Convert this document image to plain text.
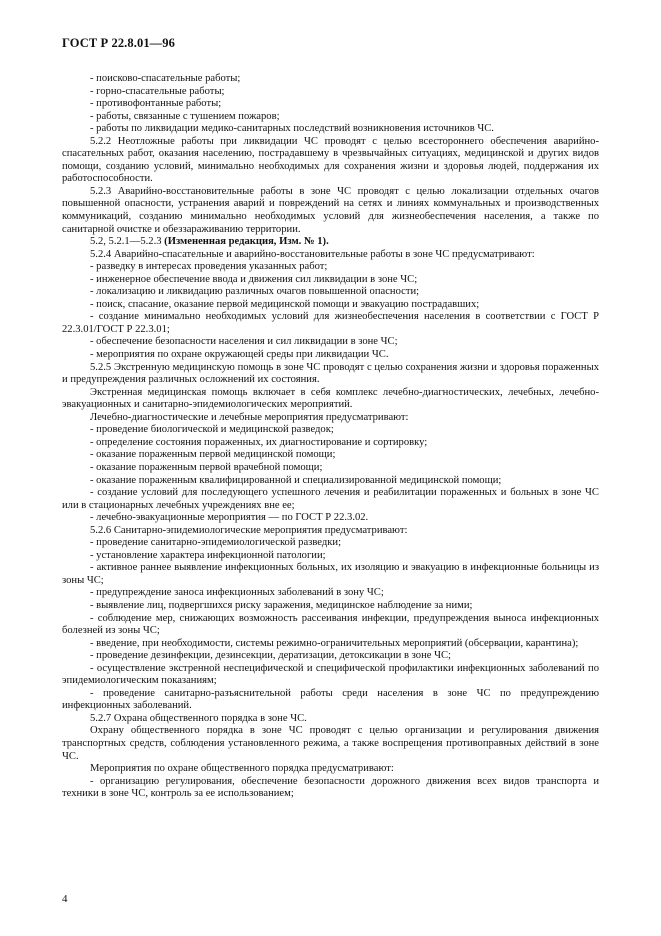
ГОСТ Р 22.8.01—96

- поисково-спасательные работы;

- горно-спасательные работы;

- противофонтанные работы;

- работы, связанные с тушением пожаров;

- работы по ликвидации медико-санитарных последствий возникновения источников ЧС.

5.2.2 Неотложные работы при ликвидации ЧС проводят с целью всестороннего обеспечения аварийно-спасательных работ, оказания населению, пострадавшему в чрезвычайных ситуациях, медицинской и других видов помощи, созданию условий, минимально необходимых для сохранения жизни и здоровья людей, поддержания их работоспособности.

5.2.3 Аварийно-восстановительные работы в зоне ЧС проводят с целью локализации отдельных очагов повышенной опасности, устранения аварий и повреждений на сетях и линиях коммунальных и производственных коммуникаций, созданию минимально необходимых условий для жизнеобеспечения населения, а также по санитарной очистке и обеззараживанию территории.

5.2, 5.2.1—5.2.3 (Измененная редакция, Изм. № 1).

5.2.4 Аварийно-спасательные и аварийно-восстановительные работы в зоне ЧС предусматривают:

- разведку в интересах проведения указанных работ;

- инженерное обеспечение ввода и движения сил ликвидации в зоне ЧС;

- локализацию и ликвидацию различных очагов повышенной опасности;

- поиск, спасание, оказание первой медицинской помощи и эвакуацию пострадавших;

- создание минимально необходимых условий для жизнеобеспечения населения в соответствии с ГОСТ Р 22.3.01/ГОСТ Р 22.3.01;

- обеспечение безопасности населения и сил ликвидации в зоне ЧС;

- мероприятия по охране окружающей среды при ликвидации ЧС.

5.2.5 Экстренную медицинскую помощь в зоне ЧС проводят с целью сохранения жизни и здоровья пораженных и предупреждения различных осложнений их состояния.

Экстренная медицинская помощь включает в себя комплекс лечебно-диагностических, лечебных, лечебно-эвакуационных и санитарно-эпидемиологических мероприятий.

Лечебно-диагностические и лечебные мероприятия предусматривают:

- проведение биологической и медицинской разведок;

- определение состояния пораженных, их диагностирование и сортировку;

- оказание пораженным первой медицинской помощи;

- оказание пораженным первой врачебной помощи;

- оказание пораженным квалифицированной и специализированной медицинской помощи;

- создание условий для последующего успешного лечения и реабилитации пораженных и больных в зоне ЧС или в стационарных лечебных учреждениях вне ее;

- лечебно-эвакуационные мероприятия — по ГОСТ Р 22.3.02.

5.2.6 Санитарно-эпидемиологические мероприятия предусматривают:

- проведение санитарно-эпидемиологической разведки;

- установление характера инфекционной патологии;

- активное раннее выявление инфекционных больных, их изоляцию и эвакуацию в инфекционные больницы из зоны ЧС;

- предупреждение заноса инфекционных заболеваний в зону ЧС;

- выявление лиц, подвергшихся риску заражения, медицинское наблюдение за ними;

- соблюдение мер, снижающих возможность рассеивания инфекции, предупреждения выноса инфекционных болезней из зоны ЧС;

- введение, при необходимости, системы режимно-ограничительных мероприятий (обсервации, карантина);

- проведение дезинфекции, дезинсекции, дератизации, детоксикации в зоне ЧС;

- осуществление экстренной неспецифической и специфической профилактики инфекционных заболеваний по эпидемиологическим показаниям;

- проведение санитарно-разъяснительной работы среди населения в зоне ЧС по предупреждению инфекционных заболеваний.

5.2.7 Охрана общественного порядка в зоне ЧС.

Охрану общественного порядка в зоне ЧС проводят с целью организации и регулирования движения транспортных средств, соблюдения установленного режима, а также воспрещения противоправных действий в зоне ЧС.

Мероприятия по охране общественного порядка предусматривают:

- организацию регулирования, обеспечение безопасности дорожного движения всех видов транспорта и техники в зоне ЧС, контроль за ее использованием;

4
